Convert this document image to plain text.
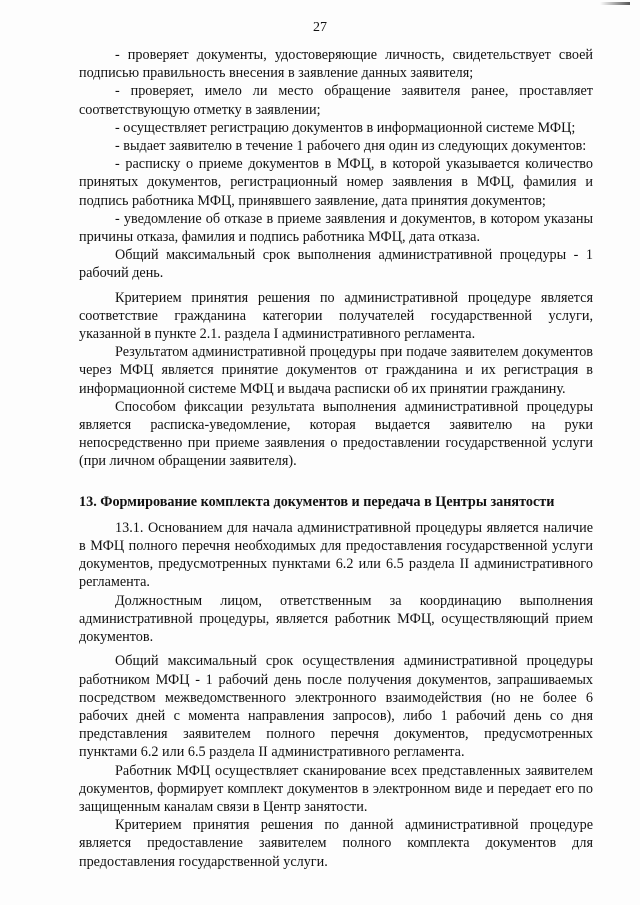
27

- проверяет документы, удостоверяющие личность, свидетельствует своей подписью правильность внесения в заявление данных заявителя;

- проверяет, имело ли место обращение заявителя ранее, проставляет соответствующую отметку в заявлении;

- осуществляет регистрацию документов в информационной системе МФЦ;

- выдает заявителю в течение 1 рабочего дня один из следующих документов:

- расписку о приеме документов в МФЦ, в которой указывается количество принятых документов, регистрационный номер заявления в МФЦ, фамилия и подпись работника МФЦ, принявшего заявление, дата принятия документов;

- уведомление об отказе в приеме заявления и документов, в котором указаны причины отказа, фамилия и подпись работника МФЦ, дата отказа.

Общий максимальный срок выполнения административной процедуры - 1 рабочий день.

Критерием принятия решения по административной процедуре является соответствие гражданина категории получателей государственной услуги, указанной в пункте 2.1. раздела I административного регламента.

Результатом административной процедуры при подаче заявителем документов через МФЦ является принятие документов от гражданина и их регистрация в информационной системе МФЦ и выдача расписки об их принятии гражданину.

Способом фиксации результата выполнения административной процедуры является расписка-уведомление, которая выдается заявителю на руки непосредственно при приеме заявления о предоставлении государственной услуги (при личном обращении заявителя).

13. Формирование комплекта документов и передача в Центры занятости

13.1. Основанием для начала административной процедуры является наличие в МФЦ полного перечня необходимых для предоставления государственной услуги документов, предусмотренных пунктами 6.2 или 6.5 раздела II административного регламента.

Должностным лицом, ответственным за координацию выполнения административной процедуры, является работник МФЦ, осуществляющий прием документов.

Общий максимальный срок осуществления административной процедуры работником МФЦ - 1 рабочий день после получения документов, запрашиваемых посредством межведомственного электронного взаимодействия (но не более 6 рабочих дней с момента направления запросов), либо 1 рабочий день со дня представления заявителем полного перечня документов, предусмотренных пунктами 6.2 или 6.5 раздела II административного регламента.

Работник МФЦ осуществляет сканирование всех представленных заявителем документов, формирует комплект документов в электронном виде и передает его по защищенным каналам связи в Центр занятости.

Критерием принятия решения по данной административной процедуре является предоставление заявителем полного комплекта документов для предоставления государственной услуги.
